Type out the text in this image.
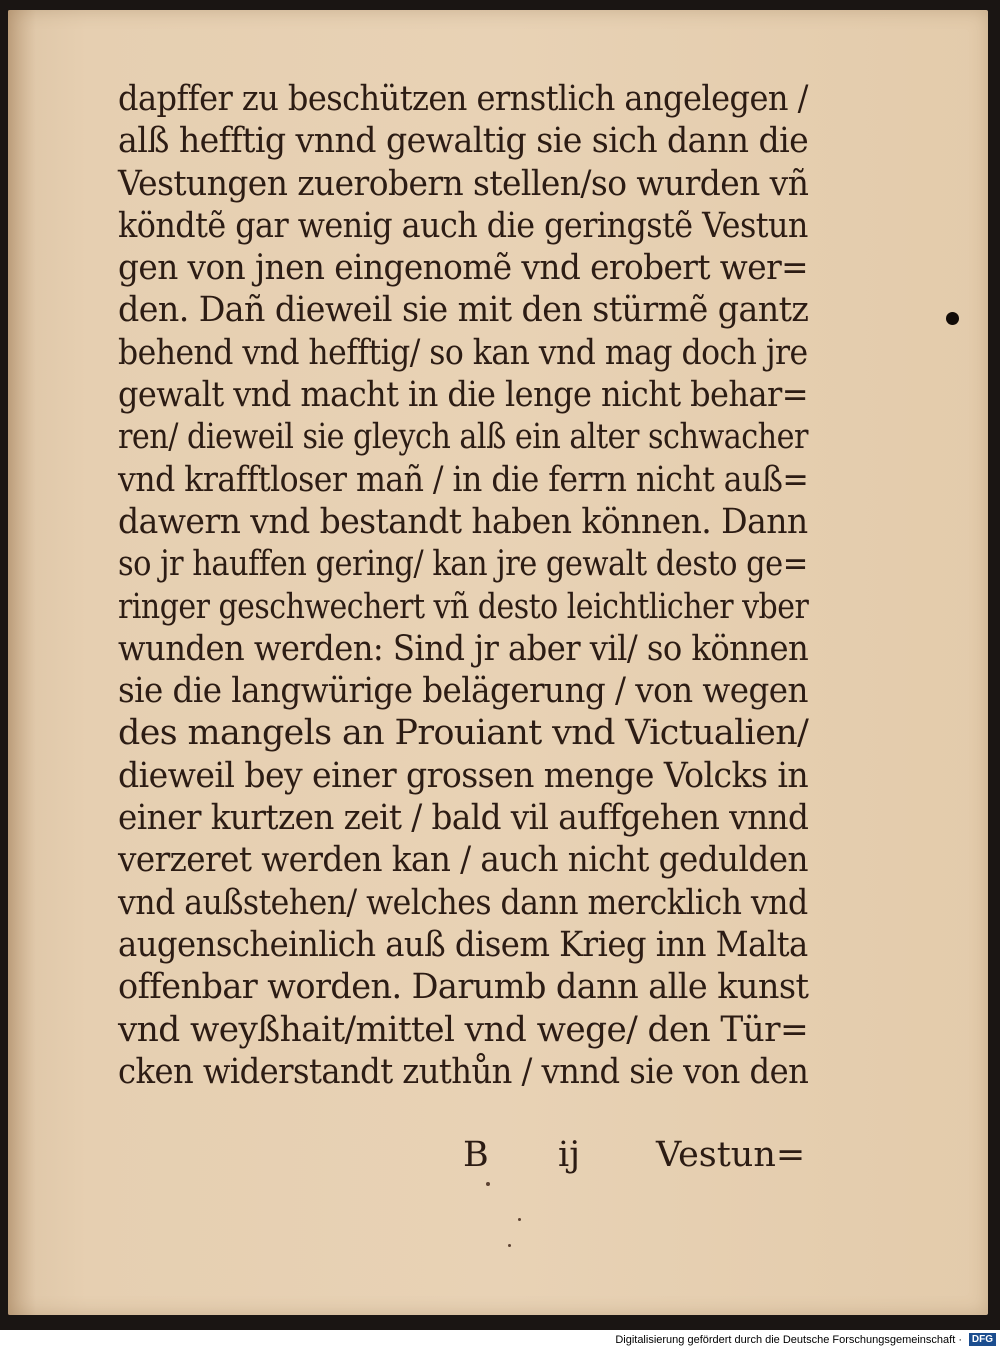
dapffer zu beschützen ernstlich angelegen /
alß hefftig vnnd gewaltig sie sich dann die
Vestungen zuerobern stellen/so wurden vñ
köndtẽ gar wenig auch die geringstẽ Vestun
gen von jnen eingenomẽ vnd erobert wer=
den. Dañ dieweil sie mit den stürmẽ gantz
behend vnd hefftig/ so kan vnd mag doch jre
gewalt vnd macht in die lenge nicht behar=
ren/ dieweil sie gleych alß ein alter schwacher
vnd krafftloser mañ / in die ferrn nicht auß=
dawern vnd bestandt haben können. Dann
so jr hauffen gering/ kan jre gewalt desto ge=
ringer geschwechert vñ desto leichtlicher vber
wunden werden: Sind jr aber vil/ so können
sie die langwürige belägerung / von wegen
des mangels an Prouiant vnd Victualien/
dieweil bey einer grossen menge Volcks in
einer kurtzen zeit / bald vil auffgehen vnnd
verzeret werden kan / auch nicht gedulden
vnd außstehen/ welches dann mercklich vnd
augenscheinlich auß disem Krieg inn Malta
offenbar worden. Darumb dann alle kunst
vnd weyßhait/mittel vnd wege/ den Tür=
cken widerstandt zuthůn / vnnd sie von den
B	ij Vestun=
Digitalisierung gefördert durch die Deutsche Forschungsgemeinschaft · DFG
